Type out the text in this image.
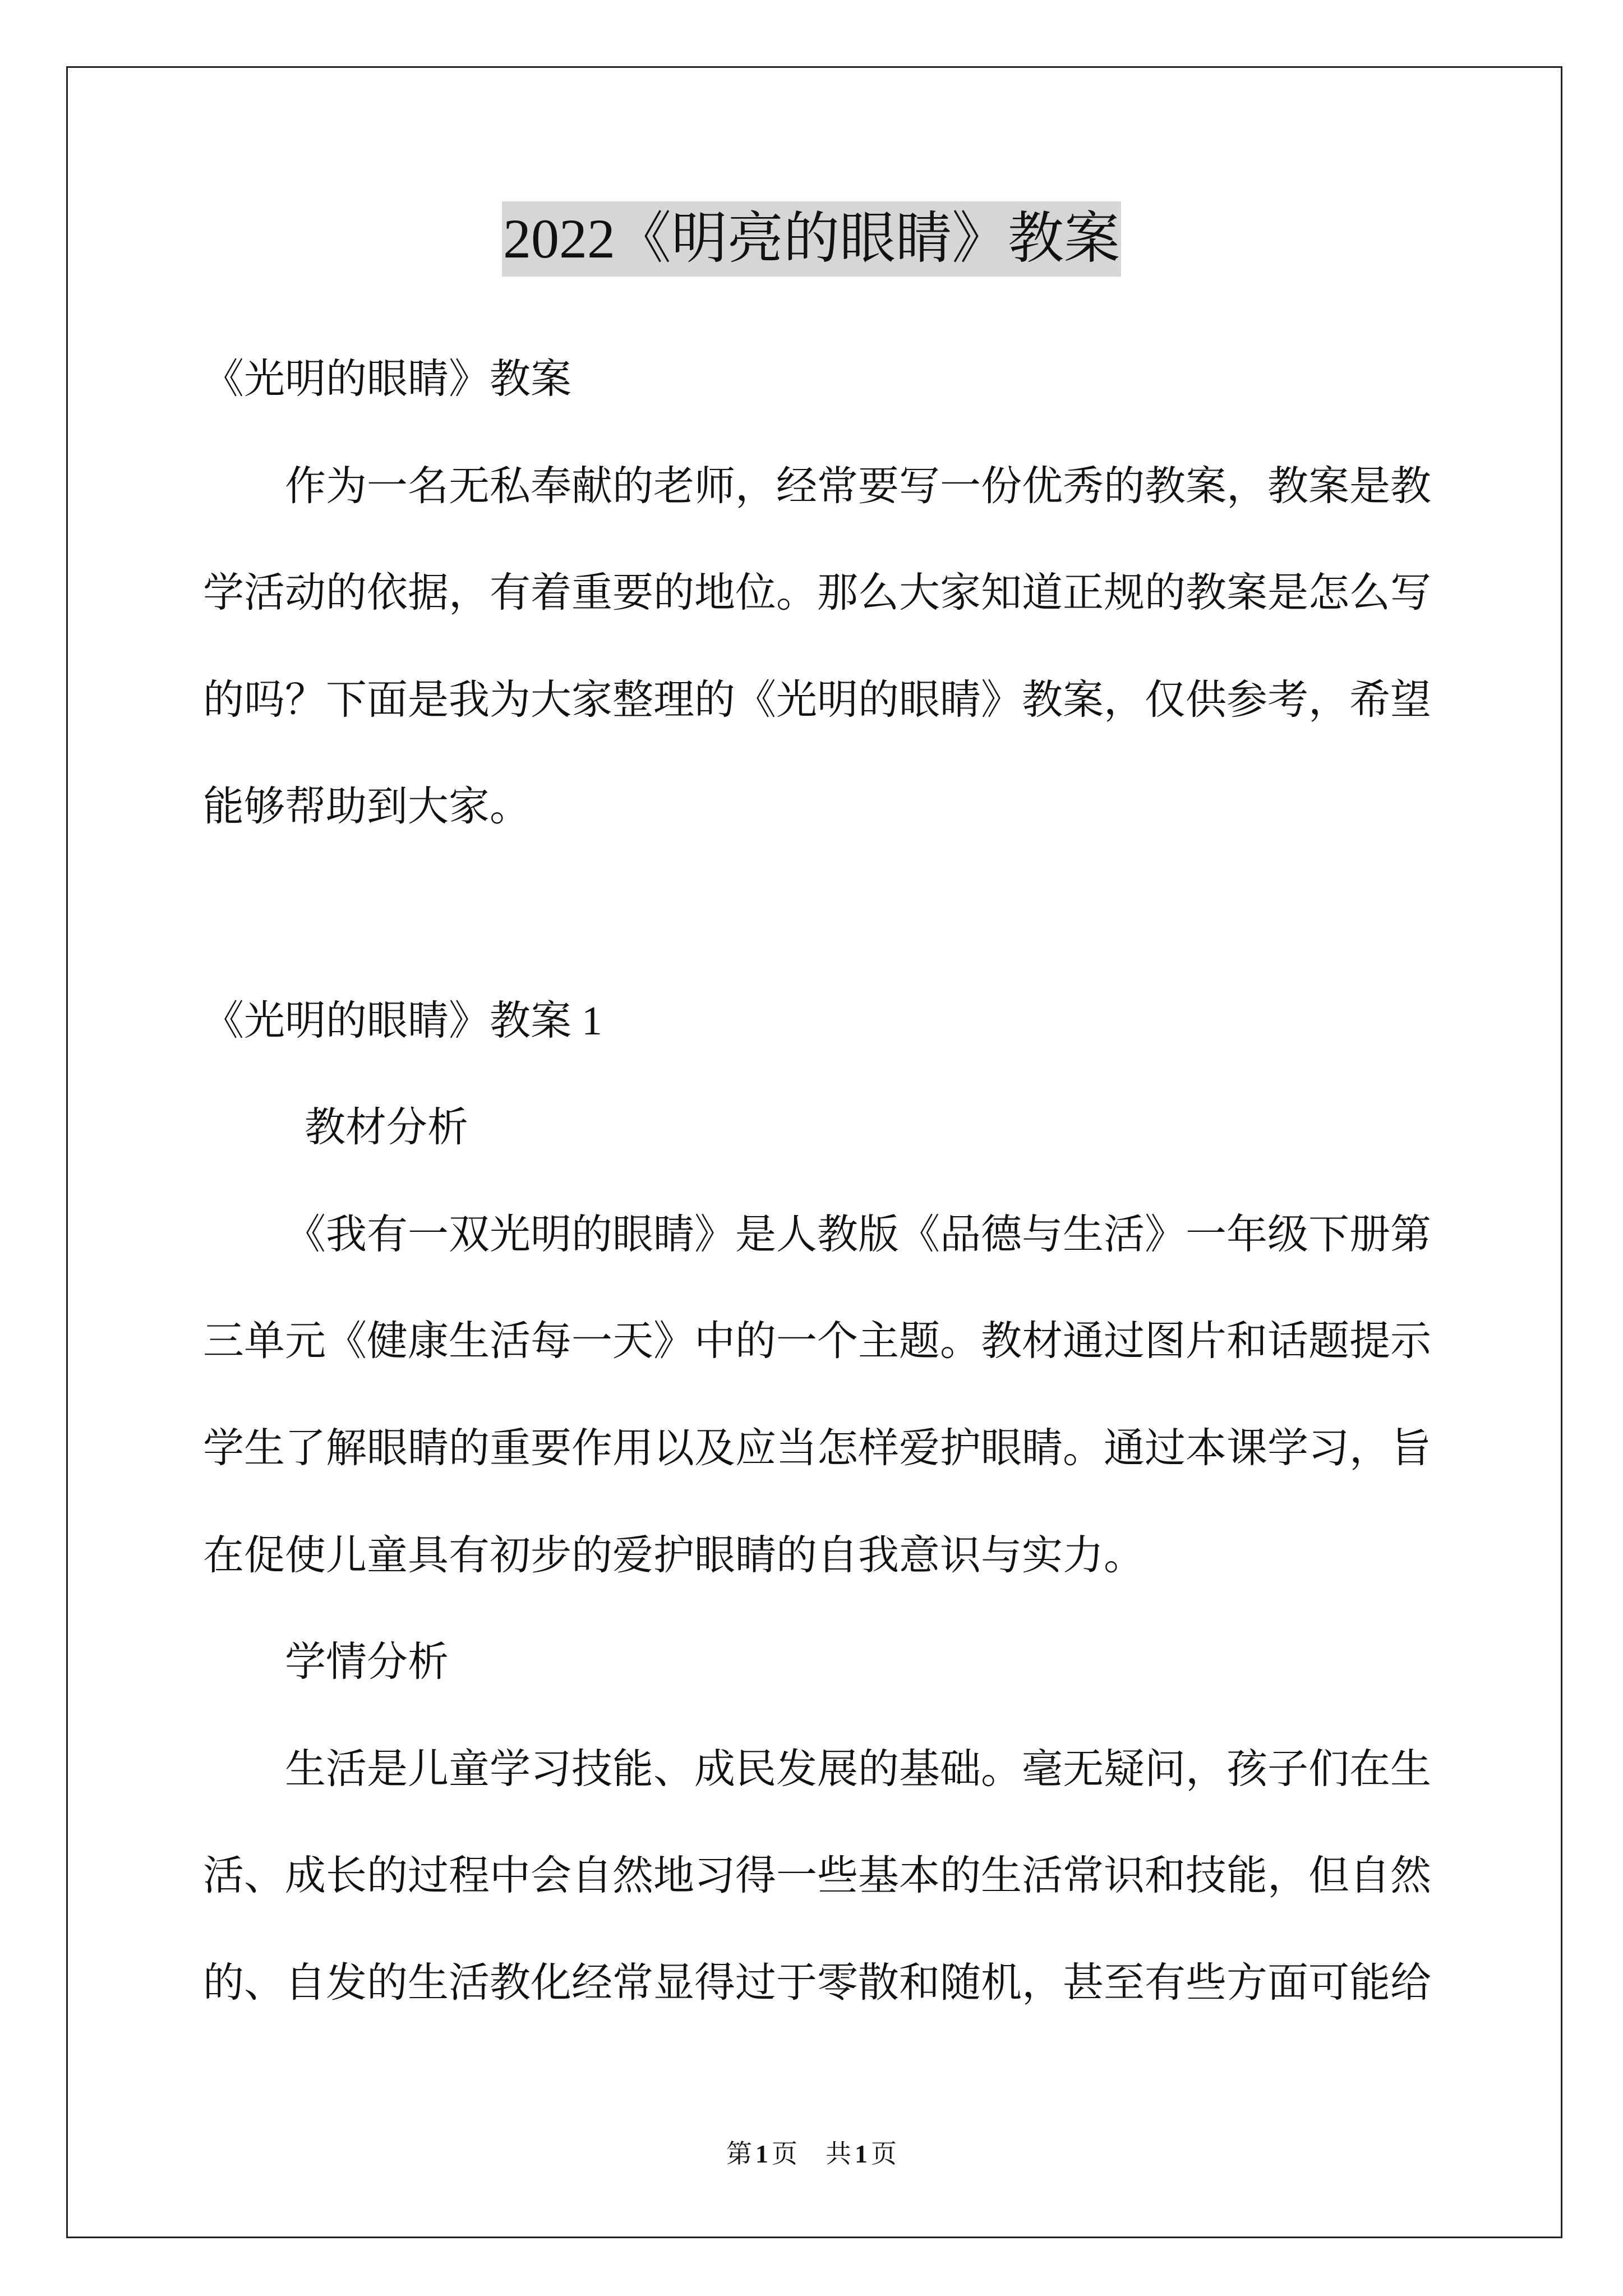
2022《明亮的眼睛》教案
《光明的眼睛》教案
作为一名无私奉献的老师，经常要写一份优秀的教案，教案是教
学活动的依据，有着重要的地位。那么大家知道正规的教案是怎么写
的吗？下面是我为大家整理的《光明的眼睛》教案，仅供参考，希望
能够帮助到大家。
《光明的眼睛》教案 1
教材分析
《我有一双光明的眼睛》是人教版《品德与生活》一年级下册第
三单元《健康生活每一天》中的一个主题。教材通过图片和话题提示
学生了解眼睛的重要作用以及应当怎样爱护眼睛。通过本课学习，旨
在促使儿童具有初步的爱护眼睛的自我意识与实力。
学情分析
生活是儿童学习技能、成民发展的基础。毫无疑问，孩子们在生
活、成长的过程中会自然地习得一些基本的生活常识和技能，但自然
的、自发的生活教化经常显得过于零散和随机，甚至有些方面可能给
第 1 页 共 1 页
